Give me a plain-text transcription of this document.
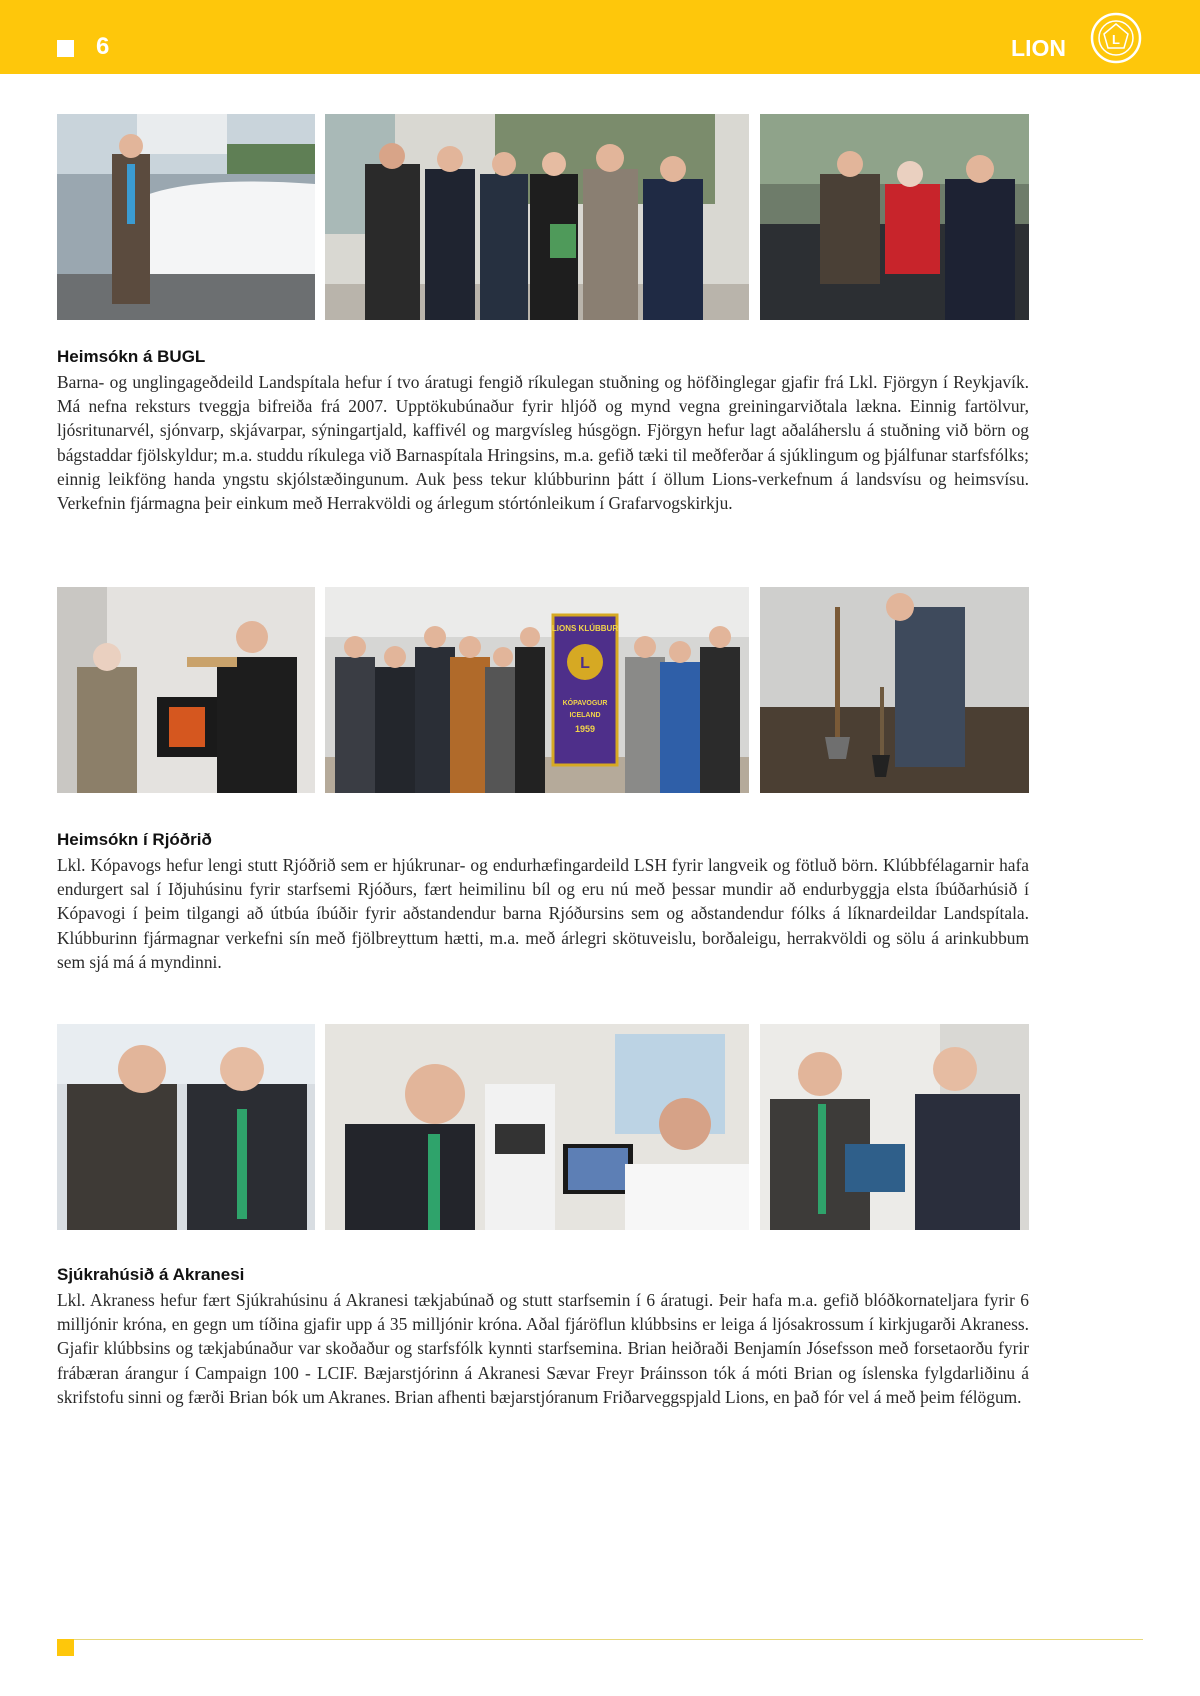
6	LION	L
Heimsókn á BUGL

Barna- og unglingageðdeild Landspítala hefur í tvo áratugi fengið ríkulegan stuðning og höfðinglegar gjafir frá Lkl. Fjörgyn í Reykjavík. Má nefna reksturs tveggja bifreiða frá 2007. Upptökubúnaður fyrir hljóð og mynd vegna greiningarviðtala lækna. Einnig fartölvur, ljósritunarvél, sjónvarp, skjávarpar, sýningartjald, kaffivél og margvísleg húsgögn. Fjörgyn hefur lagt aðaláherslu á stuðning við börn og bágstaddar fjölskyldur; m.a. studdu ríkulega við Barnaspítala Hringsins, m.a. gefið tæki til meðferðar á sjúklingum og þjálfunar starfsfólks; einnig leikföng handa yngstu skjólstæðingunum. Auk þess tekur klúbburinn þátt í öllum Lions-verkefnum á landsvísu og heimsvísu. Verkefnin fjármagna þeir einkum með Herrakvöldi og árlegum stórtónleikum í Grafarvogskirkju.

L
LIONS KLÚBBUR
KÓPAVOGUR
ICELAND
1959
Heimsókn í Rjóðrið

Lkl. Kópavogs hefur lengi stutt Rjóðrið sem er hjúkrunar- og endurhæfingardeild LSH fyrir langveik og fötluð börn. Klúbbfélagarnir hafa endurgert sal í Iðjuhúsinu fyrir starfsemi Rjóðurs, fært heimilinu bíl og eru nú með þessar mundir að endurbyggja elsta íbúðarhúsið í Kópavogi í þeim tilgangi að útbúa íbúðir fyrir aðstandendur barna Rjóðursins sem og aðstandendur fólks á líknardeildar Landspítala. Klúbburinn fjármagnar verkefni sín með fjölbreyttum hætti, m.a. með árlegri skötuveislu, borðaleigu, herrakvöldi og sölu á arinkubbum sem sjá má á myndinni.

Sjúkrahúsið á Akranesi

Lkl. Akraness hefur fært Sjúkrahúsinu á Akranesi tækjabúnað og stutt starfsemin í 6 áratugi. Þeir hafa m.a. gefið blóðkornateljara fyrir 6 milljónir króna, en gegn um tíðina gjafir upp á 35 milljónir króna. Aðal fjáröflun klúbbsins er leiga á ljósakrossum í kirkjugarði Akraness. Gjafir klúbbsins og tækjabúnaður var skoðaður og starfsfólk kynnti starfsemina. Brian heiðraði Benjamín Jósefsson með forsetaorðu fyrir frábæran árangur í Campaign 100 - LCIF. Bæjarstjórinn á Akranesi Sævar Freyr Þráinsson tók á móti Brian og íslenska fylgdarliðinu á skrifstofu sinni og færði Brian bók um Akranes. Brian afhenti bæjarstjóranum Friðarveggspjald Lions, en það fór vel á með þeim félögum.
